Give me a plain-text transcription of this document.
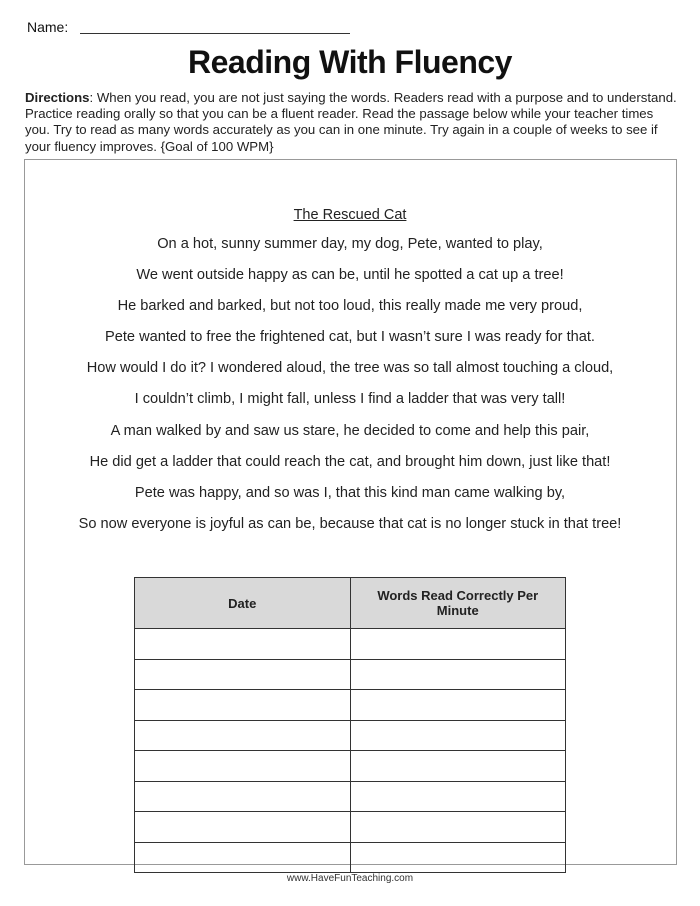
Name:
Reading With Fluency
Directions: When you read, you are not just saying the words. Readers read with a purpose and to understand. Practice reading orally so that you can be a fluent reader. Read the passage below while your teacher times you. Try to read as many words accurately as you can in one minute. Try again in a couple of weeks to see if your fluency improves. {Goal of 100 WPM}
The Rescued Cat
On a hot, sunny summer day, my dog, Pete, wanted to play,
We went outside happy as can be, until he spotted a cat up a tree!
He barked and barked, but not too loud, this really made me very proud,
Pete wanted to free the frightened cat, but I wasn’t sure I was ready for that.
How would I do it? I wondered aloud, the tree was so tall almost touching a cloud,
I couldn’t climb, I might fall, unless I find a ladder that was very tall!
A man walked by and saw us stare, he decided to come and help this pair,
He did get a ladder that could reach the cat, and brought him down, just like that!
Pete was happy, and so was I, that this kind man came walking by,
So now everyone is joyful as can be, because that cat is no longer stuck in that tree!
Date	Words Read Correctly Per Minute

www.HaveFunTeaching.com
